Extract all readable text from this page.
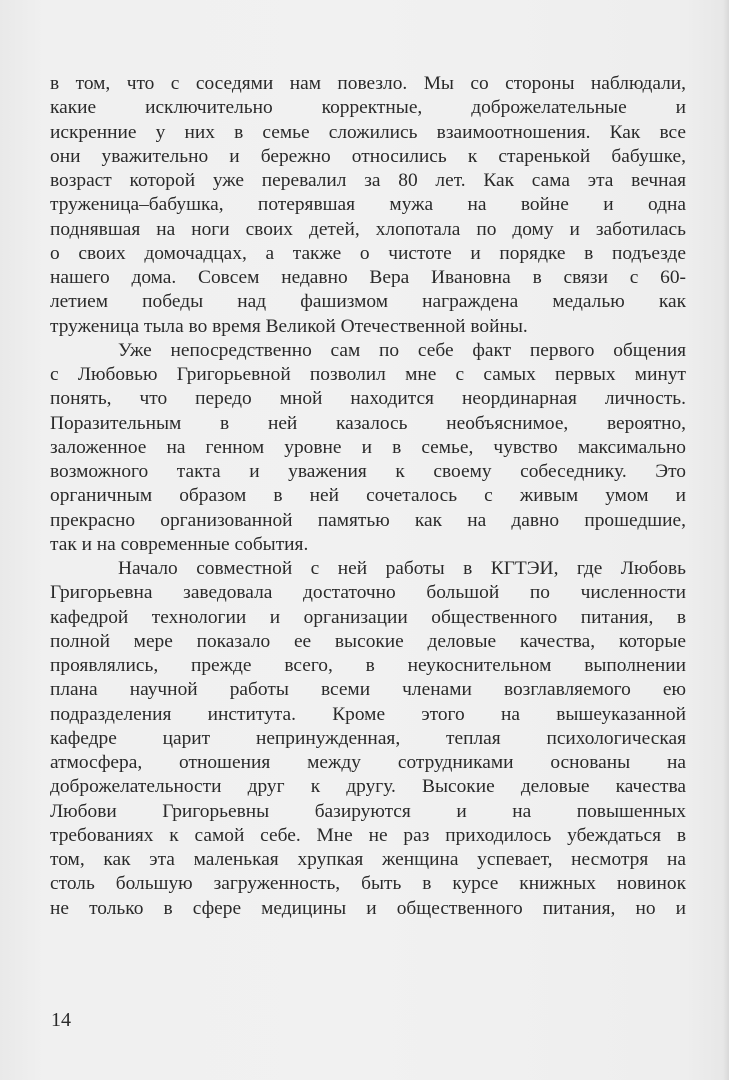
в том, что с соседями нам повезло. Мы со стороны наблюдали,
какие исключительно корректные, доброжелательные и
искренние у них в семье сложились взаимоотношения. Как все
они уважительно и бережно относились к старенькой бабушке,
возраст которой уже перевалил за 80 лет. Как сама эта вечная
труженица–бабушка, потерявшая мужа на войне и одна
поднявшая на ноги своих детей, хлопотала по дому и заботилась
о своих домочадцах, а также о чистоте и порядке в подъезде
нашего дома. Совсем недавно Вера Ивановна в связи с 60-
летием победы над фашизмом награждена медалью как
труженица тыла во время Великой Отечественной войны.

Уже непосредственно сам по себе факт первого общения
с Любовью Григорьевной позволил мне с самых первых минут
понять, что передо мной находится неординарная личность.
Поразительным в ней казалось необъяснимое, вероятно,
заложенное на генном уровне и в семье, чувство максимально
возможного такта и уважения к своему собеседнику. Это
органичным образом в ней сочеталось с живым умом и
прекрасно организованной памятью как на давно прошедшие,
так и на современные события.

Начало совместной с ней работы в КГТЭИ, где Любовь
Григорьевна заведовала достаточно большой по численности
кафедрой технологии и организации общественного питания, в
полной мере показало ее высокие деловые качества, которые
проявлялись, прежде всего, в неукоснительном выполнении
плана научной работы всеми членами возглавляемого ею
подразделения института. Кроме этого на вышеуказанной
кафедре царит непринужденная, теплая психологическая
атмосфера, отношения между сотрудниками основаны на
доброжелательности друг к другу. Высокие деловые качества
Любови Григорьевны базируются и на повышенных
требованиях к самой себе. Мне не раз приходилось убеждаться в
том, как эта маленькая хрупкая женщина успевает, несмотря на
столь большую загруженность, быть в курсе книжных новинок
не только в сфере медицины и общественного питания, но и

14
